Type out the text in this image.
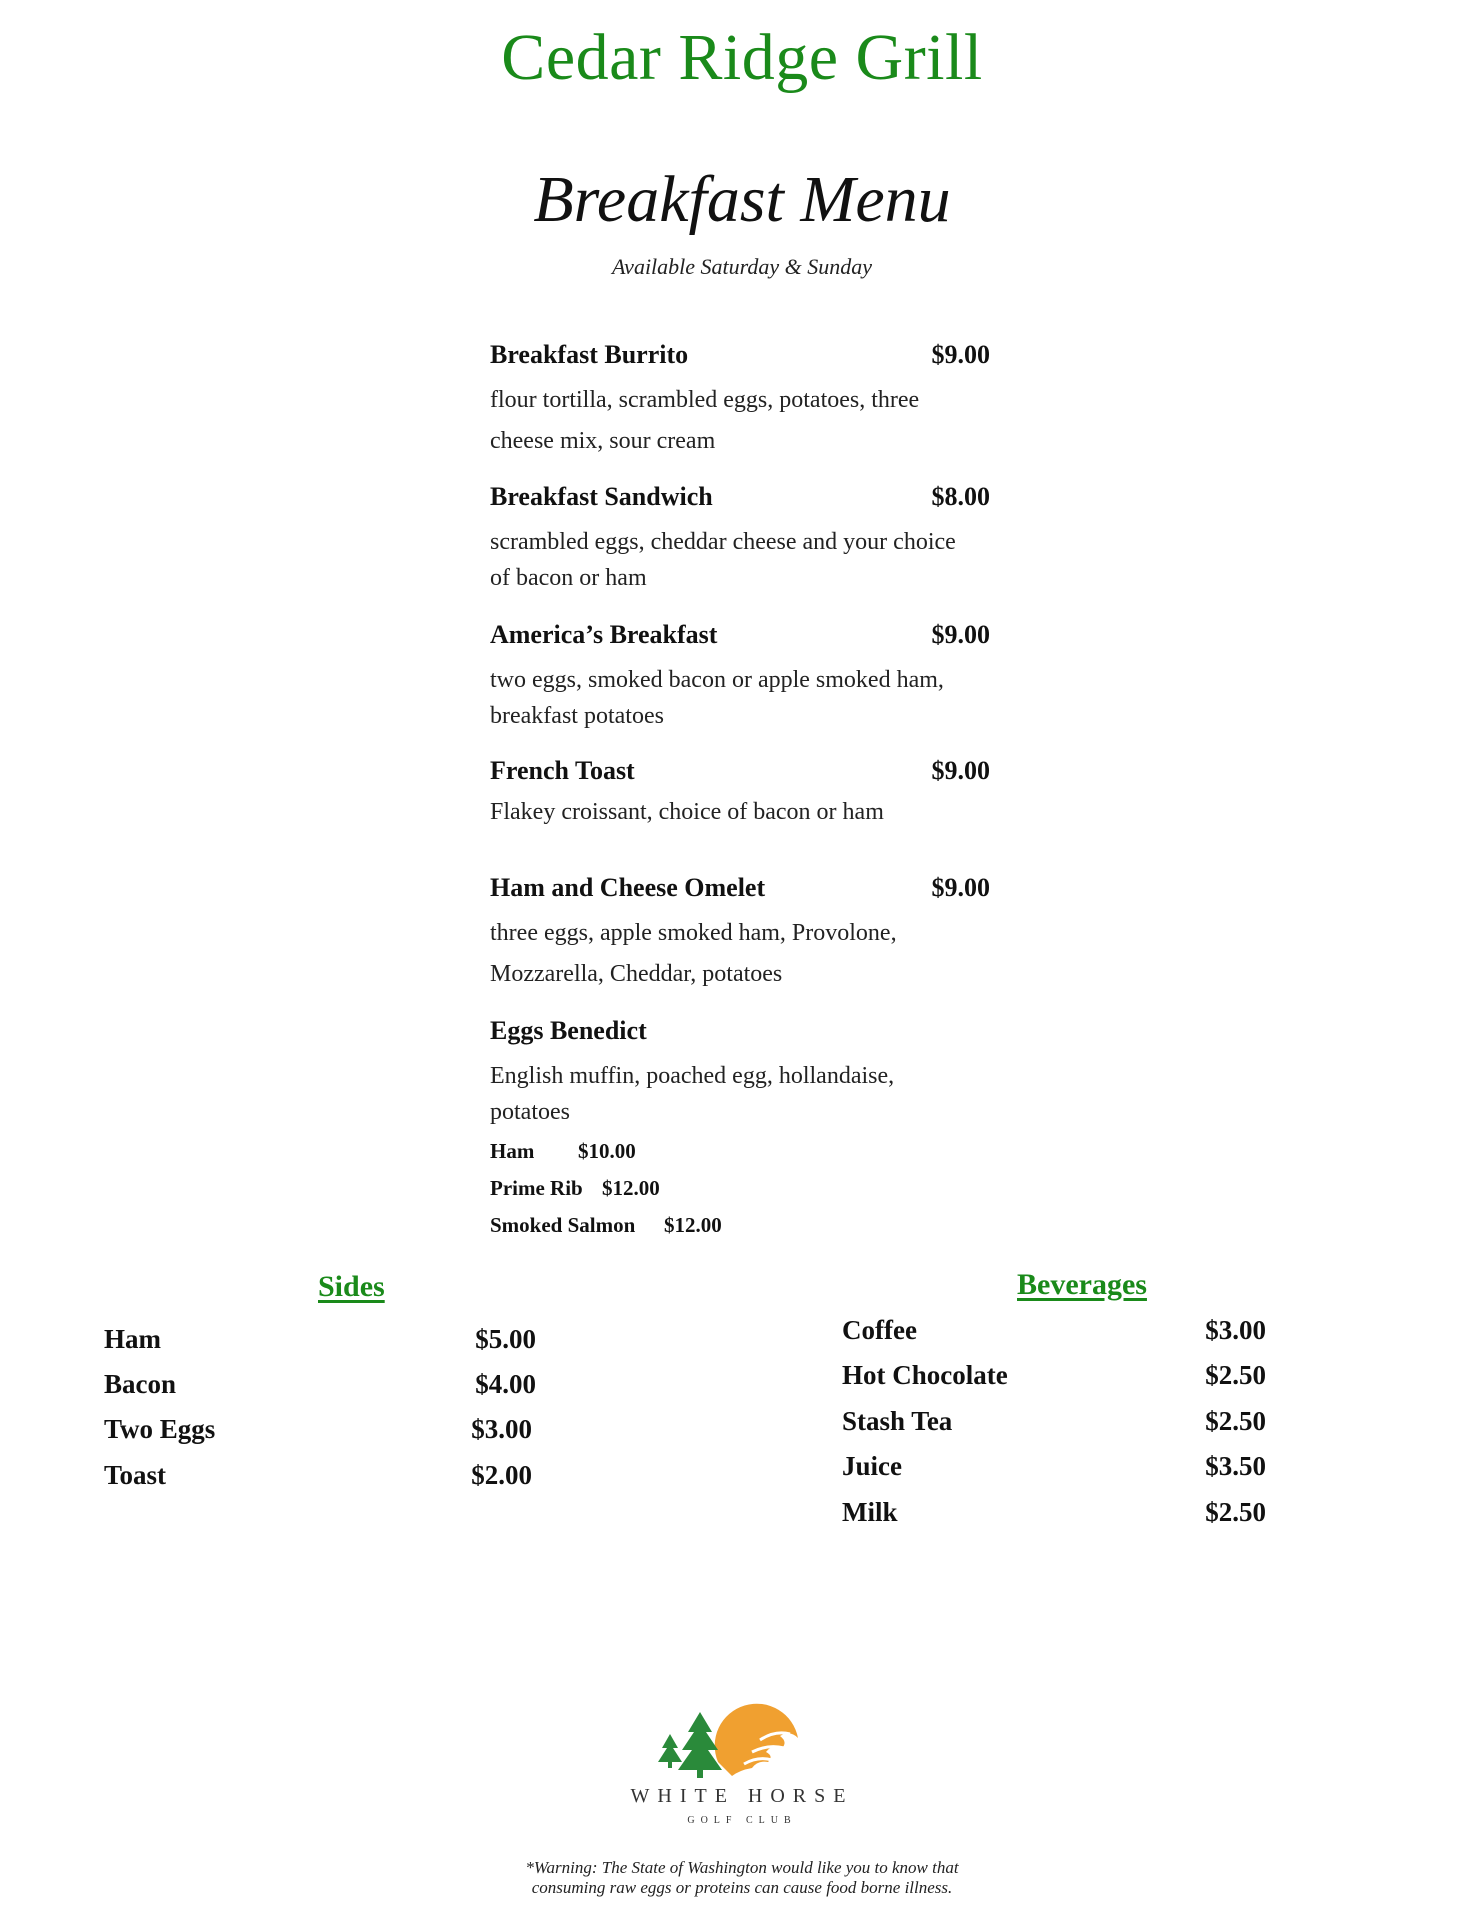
Cedar Ridge Grill
Breakfast Menu
Available Saturday & Sunday
Breakfast Burrito	$9.00
flour tortilla, scrambled eggs, potatoes, three
cheese mix, sour cream
Breakfast Sandwich	$8.00
scrambled eggs, cheddar cheese and your choice
of bacon or ham
America’s Breakfast	$9.00
two eggs, smoked bacon or apple smoked ham,
breakfast potatoes
French Toast	$9.00
Flakey croissant, choice of bacon or ham
Ham and Cheese Omelet	$9.00
three eggs, apple smoked ham, Provolone,
Mozzarella, Cheddar, potatoes
Eggs Benedict
English muffin, poached egg, hollandaise,
potatoes
Ham $10.00
Prime Rib $12.00
Smoked Salmon $12.00
Sides
Ham	$5.00
Bacon	$4.00
Two Eggs	$3.00
Toast	$2.00
Beverages
Coffee	$3.00
Hot Chocolate	$2.50
Stash Tea	$2.50
Juice	$3.50
Milk	$2.50
WHITE HORSE
GOLF CLUB
*Warning: The State of Washington would like you to know that
consuming raw eggs or proteins can cause food borne illness.
